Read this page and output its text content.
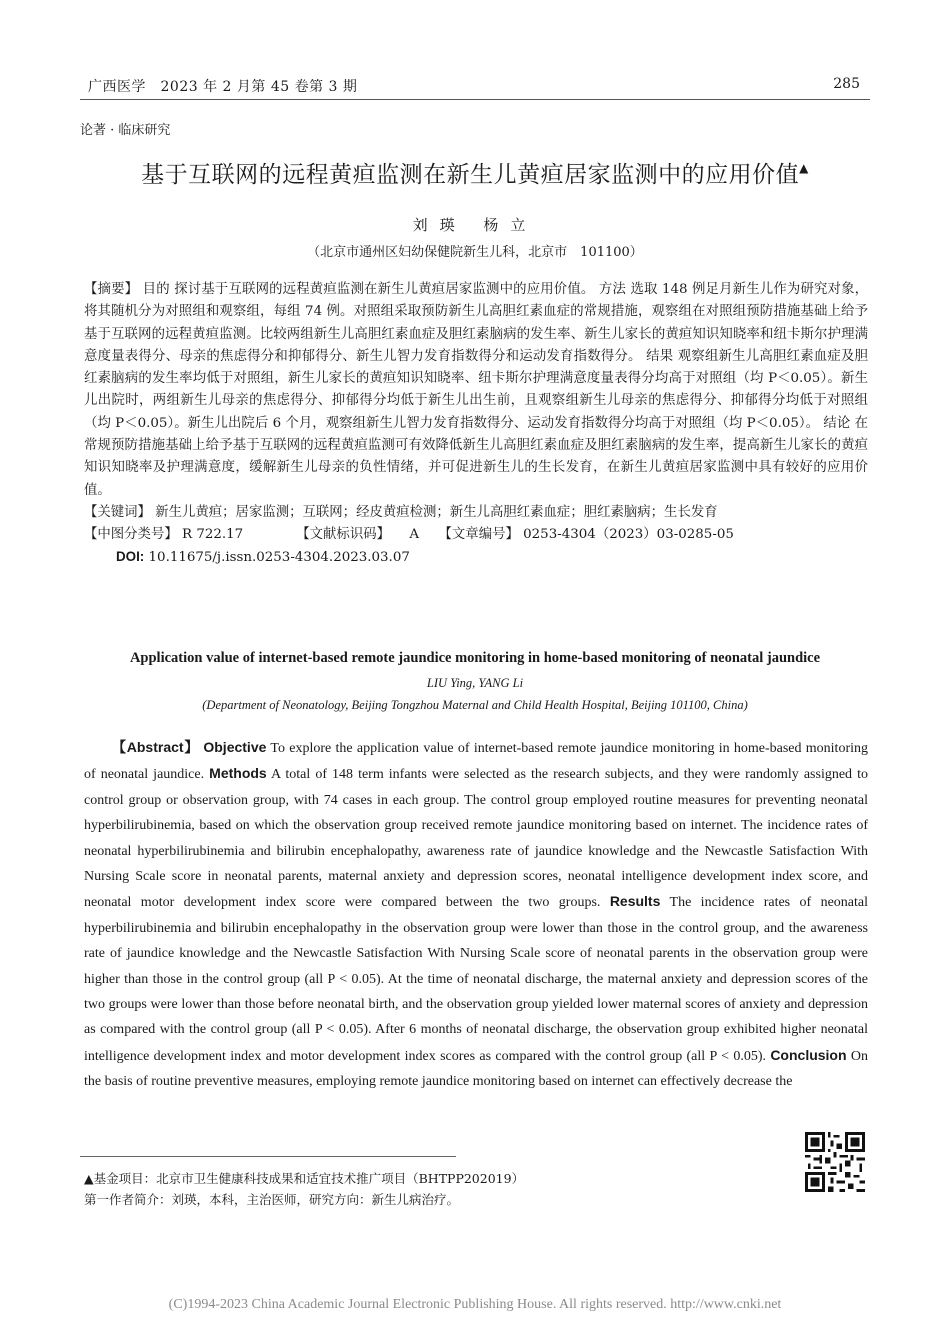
广西医学　2023 年 2 月第 45 卷第 3 期	285
论著 · 临床研究
基于互联网的远程黄疸监测在新生儿黄疸居家监测中的应用价值▲
刘瑛 杨立
（北京市通州区妇幼保健院新生儿科，北京市　101100）

【摘要】 目的 探讨基于互联网的远程黄疸监测在新生儿黄疸居家监测中的应用价值。 方法 选取 148 例足月新生儿作为研究对象，将其随机分为对照组和观察组，每组 74 例。对照组采取预防新生儿高胆红素血症的常规措施，观察组在对照组预防措施基础上给予基于互联网的远程黄疸监测。比较两组新生儿高胆红素血症及胆红素脑病的发生率、新生儿家长的黄疸知识知晓率和纽卡斯尔护理满意度量表得分、母亲的焦虑得分和抑郁得分、新生儿智力发育指数得分和运动发育指数得分。 结果 观察组新生儿高胆红素血症及胆红素脑病的发生率均低于对照组，新生儿家长的黄疸知识知晓率、纽卡斯尔护理满意度量表得分均高于对照组（均 P＜0.05）。新生儿出院时，两组新生儿母亲的焦虑得分、抑郁得分均低于新生儿出生前，且观察组新生儿母亲的焦虑得分、抑郁得分均低于对照组（均 P＜0.05）。新生儿出院后 6 个月，观察组新生儿智力发育指数得分、运动发育指数得分均高于对照组（均 P＜0.05）。 结论 在常规预防措施基础上给予基于互联网的远程黄疸监测可有效降低新生儿高胆红素血症及胆红素脑病的发生率，提高新生儿家长的黄疸知识知晓率及护理满意度，缓解新生儿母亲的负性情绪，并可促进新生儿的生长发育，在新生儿黄疸居家监测中具有较好的应用价值。

【关键词】 新生儿黄疸；居家监测；互联网；经皮黄疸检测；新生儿高胆红素血症；胆红素脑病；生长发育

【中图分类号】 R 722.17	【文献标识码】 A 【文章编号】 0253-4304（2023）03-0285-05

DOI: 10.11675/j.issn.0253-4304.2023.03.07

Application value of internet-based remote jaundice monitoring in home-based monitoring of neonatal jaundice
LIU Ying, YANG Li
(Department of Neonatology, Beijing Tongzhou Maternal and Child Health Hospital, Beijing 101100, China)
【Abstract】 Objective To explore the application value of internet-based remote jaundice monitoring in home-based monitoring of neonatal jaundice. Methods A total of 148 term infants were selected as the research subjects, and they were randomly assigned to control group or observation group, with 74 cases in each group. The control group employed routine measures for preventing neonatal hyperbilirubinemia, based on which the observation group received remote jaundice monitoring based on internet. The incidence rates of neonatal hyperbilirubinemia and bilirubin encephalopathy, awareness rate of jaundice knowledge and the Newcastle Satisfaction With Nursing Scale score in neonatal parents, maternal anxiety and depression scores, neonatal intelligence development index score, and neonatal motor development index score were compared between the two groups. Results The incidence rates of neonatal hyperbilirubinemia and bilirubin encephalopathy in the observation group were lower than those in the control group, and the awareness rate of jaundice knowledge and the Newcastle Satisfaction With Nursing Scale score of neonatal parents in the observation group were higher than those in the control group (all P < 0.05). At the time of neonatal discharge, the maternal anxiety and depression scores of the two groups were lower than those before neonatal birth, and the observation group yielded lower maternal scores of anxiety and depression as compared with the control group (all P < 0.05). After 6 months of neonatal discharge, the observation group exhibited higher neonatal intelligence development index and motor development index scores as compared with the control group (all P < 0.05). Conclusion On the basis of routine preventive measures, employing remote jaundice monitoring based on internet can effectively decrease the
▲基金项目：北京市卫生健康科技成果和适宜技术推广项目（BHTPP202019）
第一作者简介：刘瑛，本科，主治医师，研究方向：新生儿病治疗。
(C)1994-2023 China Academic Journal Electronic Publishing House. All rights reserved. http://www.cnki.net
